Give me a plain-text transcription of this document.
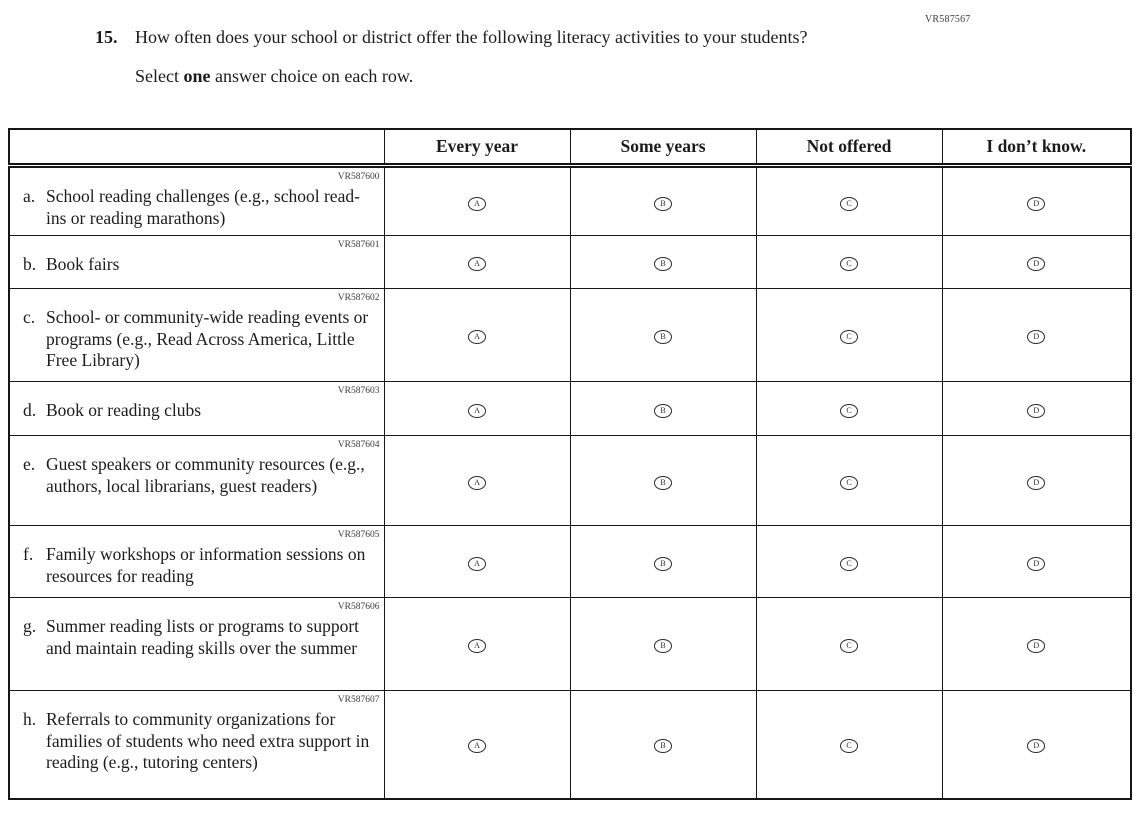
VR587567
15. How often does your school or district offer the following literacy activities to your students?
Select one answer choice on each row.
	Every year	Some years	Not offered	I don’t know.

VR587600
a. School reading challenges (e.g., school read-ins or reading marathons)	A	B	C	D

VR587601
b. Book fairs	A	B	C	D

VR587602
c. School- or community-wide reading events or programs (e.g., Read Across America, Little Free Library)	A	B	C	D

VR587603
d. Book or reading clubs	A	B	C	D

VR587604
e. Guest speakers or community resources (e.g., authors, local librarians, guest readers)	A	B	C	D

VR587605
f. Family workshops or information sessions on resources for reading	A	B	C	D

VR587606
g. Summer reading lists or programs to support and maintain reading skills over the summer	A	B	C	D

VR587607
h. Referrals to community organizations for families of students who need extra support in reading (e.g., tutoring centers)	A	B	C	D
